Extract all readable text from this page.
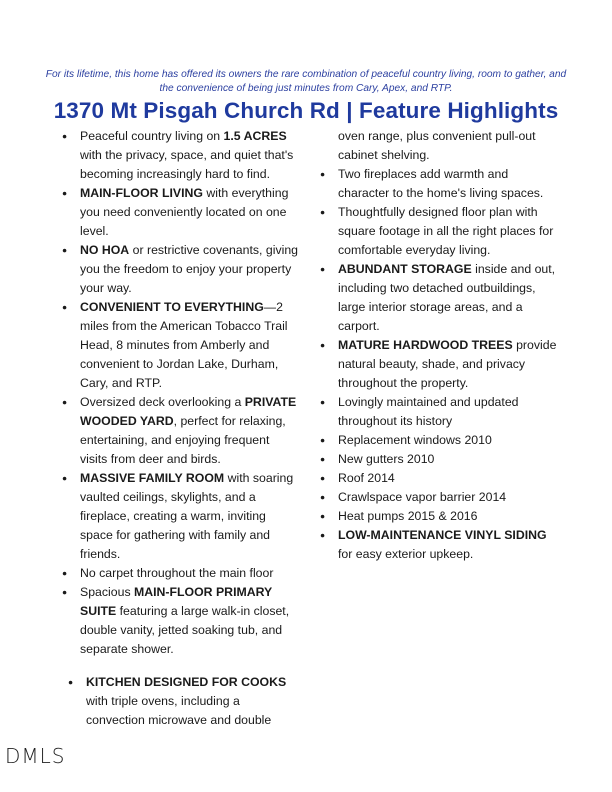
For its lifetime, this home has offered its owners the rare combination of peaceful country living, room to gather, and the convenience of being just minutes from Cary, Apex, and RTP.
1370 Mt Pisgah Church Rd | Feature Highlights
● Peaceful country living on 1.5 ACRES with the privacy, space, and quiet that's becoming increasingly hard to find.
● MAIN-FLOOR LIVING with everything you need conveniently located on one level.
● NO HOA or restrictive covenants, giving you the freedom to enjoy your property your way.
● CONVENIENT TO EVERYTHING—2 miles from the American Tobacco Trail Head, 8 minutes from Amberly and convenient to Jordan Lake, Durham, Cary, and RTP.
● Oversized deck overlooking a PRIVATE WOODED YARD, perfect for relaxing, entertaining, and enjoying frequent visits from deer and birds.
● MASSIVE FAMILY ROOM with soaring vaulted ceilings, skylights, and a fireplace, creating a warm, inviting space for gathering with family and friends.
● No carpet throughout the main floor
● Spacious MAIN-FLOOR PRIMARY SUITE featuring a large walk-in closet, double vanity, jetted soaking tub, and separate shower.
● KITCHEN DESIGNED FOR COOKS with triple ovens, including a convection microwave and double
oven range, plus convenient pull-out cabinet shelving.
● Two fireplaces add warmth and character to the home's living spaces.
● Thoughtfully designed floor plan with square footage in all the right places for comfortable everyday living.
● ABUNDANT STORAGE inside and out, including two detached outbuildings, large interior storage areas, and a carport.
● MATURE HARDWOOD TREES provide natural beauty, shade, and privacy throughout the property.
● Lovingly maintained and updated throughout its history
● Replacement windows 2010
● New gutters 2010
● Roof 2014
● Crawlspace vapor barrier 2014
● Heat pumps 2015 & 2016
● LOW-MAINTENANCE VINYL SIDING for easy exterior upkeep.
DMLS
